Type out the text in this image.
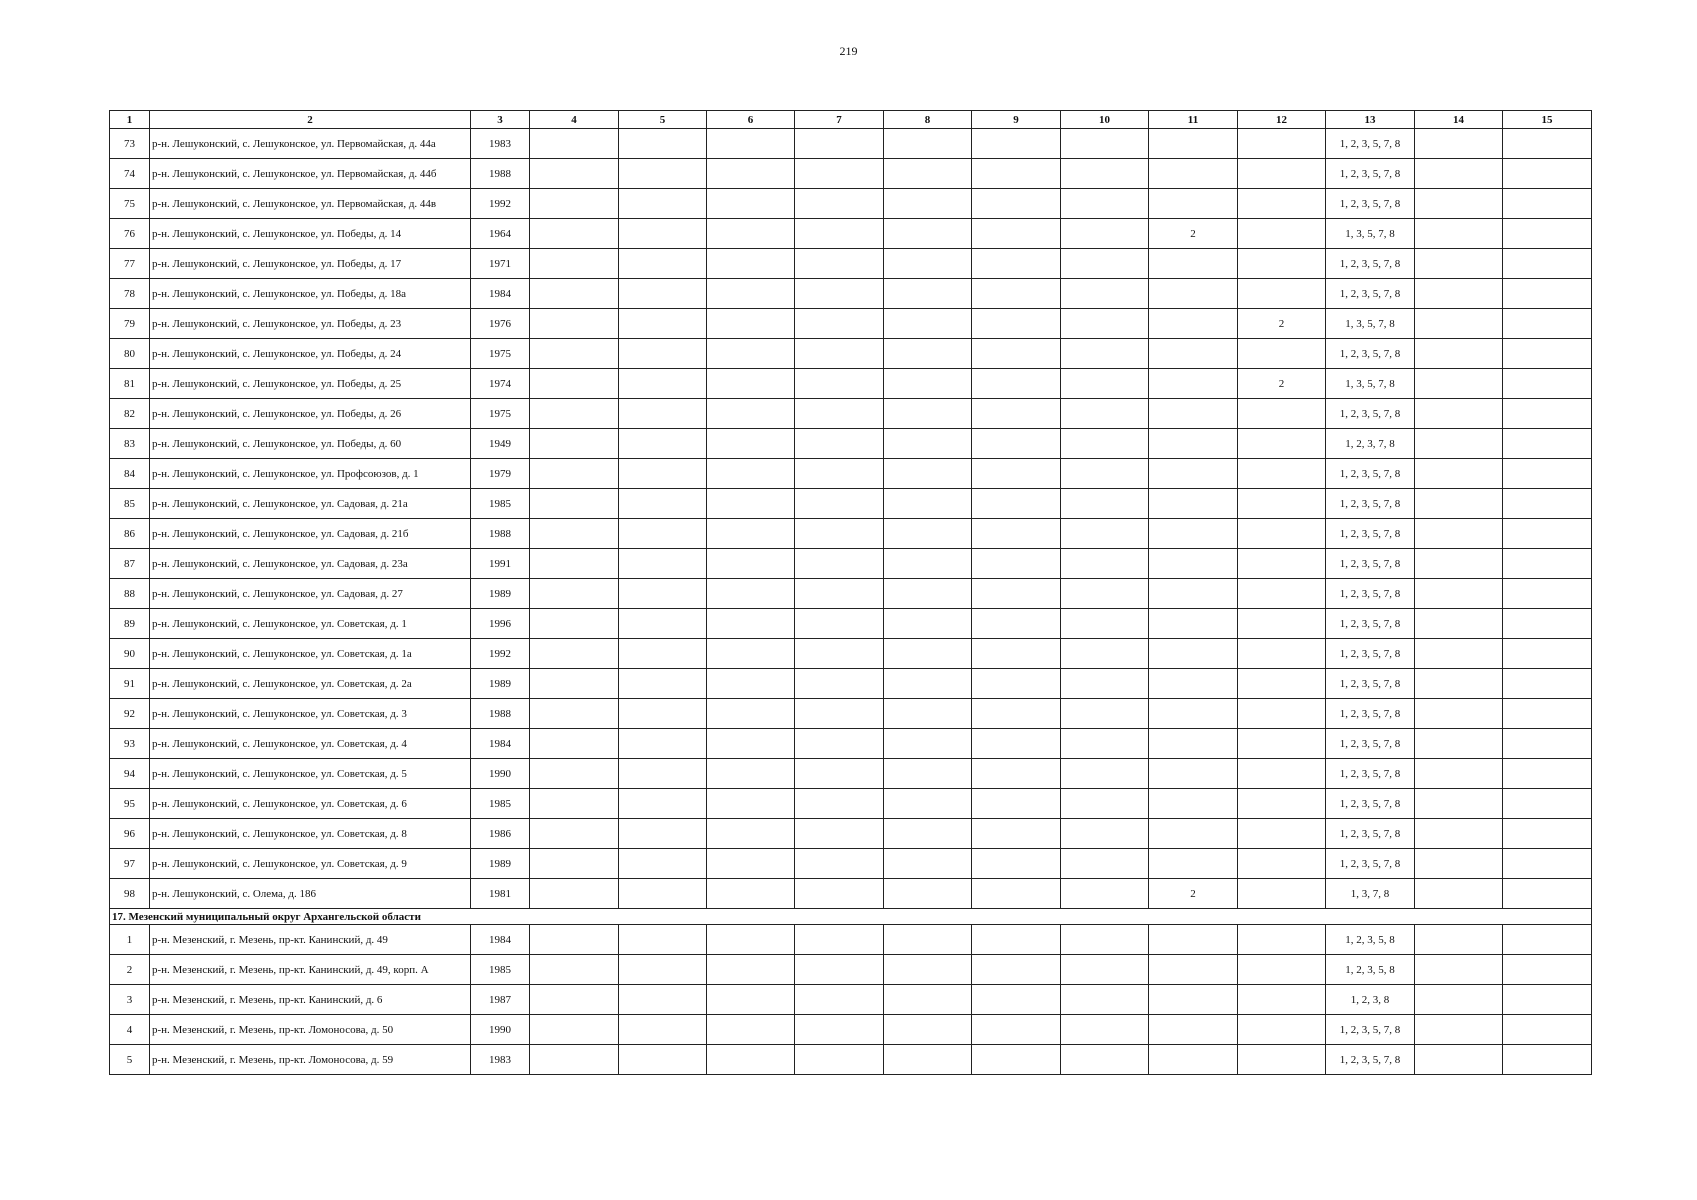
219
1	2	3	4	5	6	7	8	9	10	11	12	13	14	15
73	р-н. Лешуконский, с. Лешуконское, ул. Первомайская, д. 44а	1983										1, 2, 3, 5, 7, 8		
74	р-н. Лешуконский, с. Лешуконское, ул. Первомайская, д. 44б	1988										1, 2, 3, 5, 7, 8		
75	р-н. Лешуконский, с. Лешуконское, ул. Первомайская, д. 44в	1992										1, 2, 3, 5, 7, 8		
76	р-н. Лешуконский, с. Лешуконское, ул. Победы, д. 14	1964								2		1, 3, 5, 7, 8		
77	р-н. Лешуконский, с. Лешуконское, ул. Победы, д. 17	1971										1, 2, 3, 5, 7, 8		
78	р-н. Лешуконский, с. Лешуконское, ул. Победы, д. 18а	1984										1, 2, 3, 5, 7, 8		
79	р-н. Лешуконский, с. Лешуконское, ул. Победы, д. 23	1976									2	1, 3, 5, 7, 8		
80	р-н. Лешуконский, с. Лешуконское, ул. Победы, д. 24	1975										1, 2, 3, 5, 7, 8		
81	р-н. Лешуконский, с. Лешуконское, ул. Победы, д. 25	1974									2	1, 3, 5, 7, 8		
82	р-н. Лешуконский, с. Лешуконское, ул. Победы, д. 26	1975										1, 2, 3, 5, 7, 8		
83	р-н. Лешуконский, с. Лешуконское, ул. Победы, д. 60	1949										1, 2, 3, 7, 8		
84	р-н. Лешуконский, с. Лешуконское, ул. Профсоюзов, д. 1	1979										1, 2, 3, 5, 7, 8		
85	р-н. Лешуконский, с. Лешуконское, ул. Садовая, д. 21а	1985										1, 2, 3, 5, 7, 8		
86	р-н. Лешуконский, с. Лешуконское, ул. Садовая, д. 21б	1988										1, 2, 3, 5, 7, 8		
87	р-н. Лешуконский, с. Лешуконское, ул. Садовая, д. 23а	1991										1, 2, 3, 5, 7, 8		
88	р-н. Лешуконский, с. Лешуконское, ул. Садовая, д. 27	1989										1, 2, 3, 5, 7, 8		
89	р-н. Лешуконский, с. Лешуконское, ул. Советская, д. 1	1996										1, 2, 3, 5, 7, 8		
90	р-н. Лешуконский, с. Лешуконское, ул. Советская, д. 1а	1992										1, 2, 3, 5, 7, 8		
91	р-н. Лешуконский, с. Лешуконское, ул. Советская, д. 2а	1989										1, 2, 3, 5, 7, 8		
92	р-н. Лешуконский, с. Лешуконское, ул. Советская, д. 3	1988										1, 2, 3, 5, 7, 8		
93	р-н. Лешуконский, с. Лешуконское, ул. Советская, д. 4	1984										1, 2, 3, 5, 7, 8		
94	р-н. Лешуконский, с. Лешуконское, ул. Советская, д. 5	1990										1, 2, 3, 5, 7, 8		
95	р-н. Лешуконский, с. Лешуконское, ул. Советская, д. 6	1985										1, 2, 3, 5, 7, 8		
96	р-н. Лешуконский, с. Лешуконское, ул. Советская, д. 8	1986										1, 2, 3, 5, 7, 8		
97	р-н. Лешуконский, с. Лешуконское, ул. Советская, д. 9	1989										1, 2, 3, 5, 7, 8		
98	р-н. Лешуконский, с. Олема, д. 186	1981								2		1, 3, 7, 8		
17. Мезенский муниципальный округ Архангельской области														
1	р-н. Мезенский, г. Мезень, пр-кт. Канинский, д. 49	1984										1, 2, 3, 5, 8		
2	р-н. Мезенский, г. Мезень, пр-кт. Канинский, д. 49, корп. А	1985										1, 2, 3, 5, 8		
3	р-н. Мезенский, г. Мезень, пр-кт. Канинский, д. 6	1987										1, 2, 3, 8		
4	р-н. Мезенский, г. Мезень, пр-кт. Ломоносова, д. 50	1990										1, 2, 3, 5, 7, 8		
5	р-н. Мезенский, г. Мезень, пр-кт. Ломоносова, д. 59	1983										1, 2, 3, 5, 7, 8		
